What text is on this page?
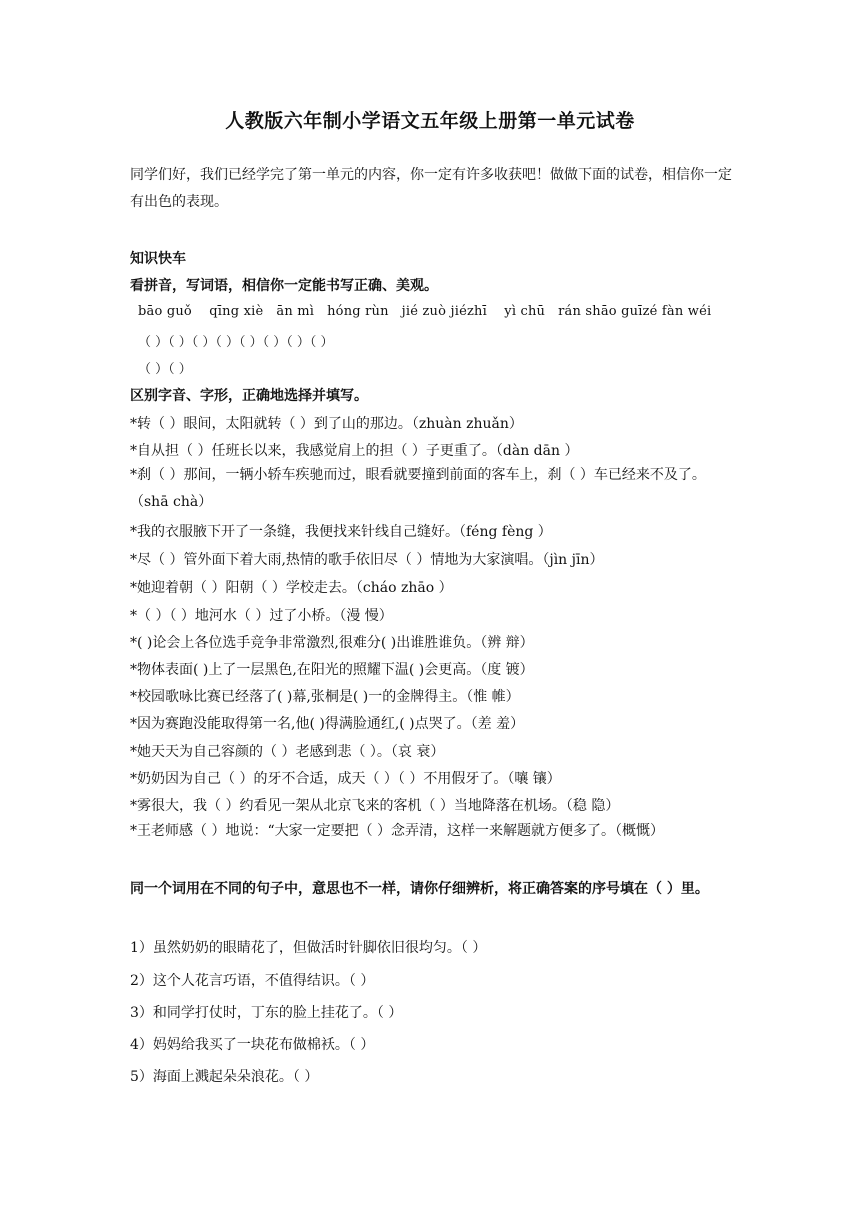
人教版六年制小学语文五年级上册第一单元试卷
同学们好，我们已经学完了第一单元的内容，你一定有许多收获吧！做做下面的试卷，相信你一定有出色的表现。
知识快车
看拼音，写词语，相信你一定能书写正确、美观。
bāo guǒ    qīng xiè   ān mì   hóng rùn   jié zuò jiézhī    yì chū   rán shāo guīzé fàn wéi
（ ）（ ）（ ）（ ）（ ）（ ）（ ）（ ）
（ ）（ ）
区别字音、字形，正确地选择并填写。
*转（ ）眼间，太阳就转（ ）到了山的那边。（zhuàn zhuǎn）
*自从担（ ）任班长以来，我感觉肩上的担（ ）子更重了。（dàn dān ）
*刹（ ）那间，一辆小轿车疾驰而过，眼看就要撞到前面的客车上，刹（ ）车已经来不及了。（shā chà）
*我的衣服腋下开了一条缝，我便找来针线自己缝好。（féng fèng ）
*尽（ ）管外面下着大雨,热情的歌手依旧尽（ ）情地为大家演唱。（jìn jīn）
*她迎着朝（ ）阳朝（ ）学校走去。（cháo zhāo ）
*（ ）（ ）地河水（ ）过了小桥。（漫 慢）
*( )论会上各位选手竞争非常激烈,很难分( )出谁胜谁负。（辨 辩）
*物体表面( )上了一层黑色,在阳光的照耀下温( )会更高。（度 镀）
*校园歌咏比赛已经落了( )幕,张桐是( )一的金牌得主。（惟 帷）
*因为赛跑没能取得第一名,他( )得满脸通红,( )点哭了。（差 羞）
*她天天为自己容颜的（ ）老感到悲（ ）。（哀 衰）
*奶奶因为自己（ ）的牙不合适，成天（ ）（ ）不用假牙了。（嚷 镶）
*雾很大，我（ ）约看见一架从北京飞来的客机（ ）当地降落在机场。（稳 隐）
*王老师感（ ）地说：“大家一定要把（ ）念弄清，这样一来解题就方便多了。（概慨）
同一个词用在不同的句子中，意思也不一样，请你仔细辨析，将正确答案的序号填在（ ）里。
1）虽然奶奶的眼睛花了，但做活时针脚依旧很均匀。（ ）
2）这个人花言巧语，不值得结识。（ ）
3）和同学打仗时，丁东的脸上挂花了。（ ）
4）妈妈给我买了一块花布做棉袄。（ ）
5）海面上溅起朵朵浪花。（ ）
